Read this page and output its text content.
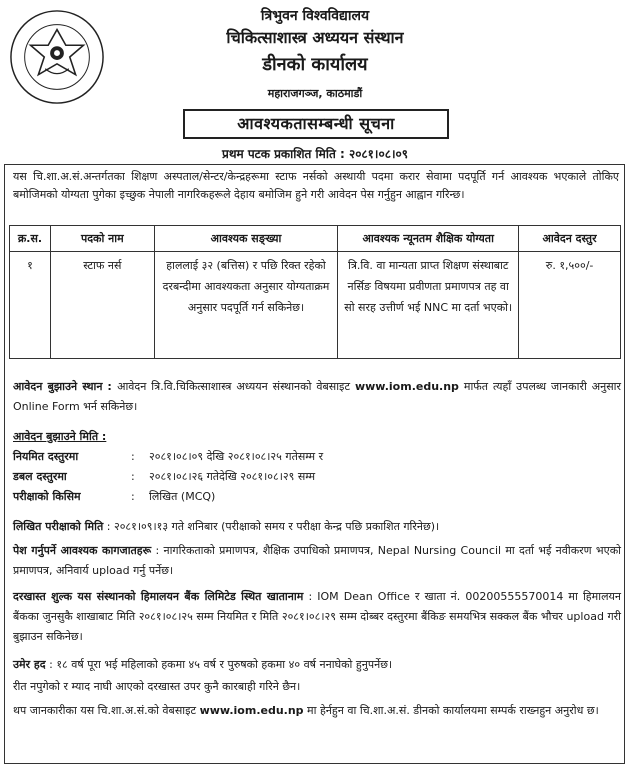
त्रिभुवन विश्वविद्यालय
चिकित्साशास्त्र अध्ययन संस्थान
डीनको कार्यालय
महाराजगञ्ज, काठमाडौं
आवश्यकतासम्बन्धी सूचना
प्रथम पटक प्रकाशित मिति : २०८१।०८।०९
यस चि.शा.अ.सं.अन्तर्गतका शिक्षण अस्पताल/सेन्टर/केन्द्रहरूमा स्टाफ नर्सको अस्थायी पदमा करार सेवामा पदपूर्ति गर्न आवश्यक भएकाले तोकिए बमोजिमको योग्यता पुगेका इच्छुक नेपाली नागरिकहरूले देहाय बमोजिम हुने गरी आवेदन पेस गर्नुहुन आह्वान गरिन्छ।
क्र.स.	पदको नाम	आवश्यक सङ्ख्या	आवश्यक न्यूनतम शैक्षिक योग्यता	आवेदन दस्तुर
१	स्टाफ नर्स	हाललाई ३२ (बत्तिस) र पछि रिक्त रहेको दरबन्दीमा आवश्यकता अनुसार योग्यताक्रम अनुसार पदपूर्ति गर्न सकिनेछ।	त्रि.वि. वा मान्यता प्राप्त शिक्षण संस्थाबाट नर्सिङ विषयमा प्रवीणता प्रमाणपत्र तह वा सो सरह उत्तीर्ण भई NNC मा दर्ता भएको।	रु. १,५००/-
आवेदन बुझाउने स्थान : आवेदन त्रि.वि.चिकित्साशास्त्र अध्ययन संस्थानको वेबसाइट www.iom.edu.np मार्फत त्यहाँ उपलब्ध जानकारी अनुसार Online Form भर्न सकिनेछ।
आवेदन बुझाउने मिति :
नियमित दस्तुरमा	: २०८१।०८।०९ देखि २०८१।०८।२५ गतेसम्म र
डबल दस्तुरमा	: २०८१।०८।२६ गतेदेखि २०८१।०८।२९ सम्म
परीक्षाको किसिम	: लिखित (MCQ)
लिखित परीक्षाको मिति : २०८१।०९।१३ गते शनिबार (परीक्षाको समय र परीक्षा केन्द्र पछि प्रकाशित गरिनेछ)।
पेश गर्नुपर्ने आवश्यक कागजातहरू : नागरिकताको प्रमाणपत्र, शैक्षिक उपाधिको प्रमाणपत्र, Nepal Nursing Council मा दर्ता भई नवीकरण भएको प्रमाणपत्र, अनिवार्य upload गर्नु पर्नेछ।
दरखास्त शुल्क यस संस्थानको हिमालयन बैंक लिमिटेड स्थित खातानाम : IOM Dean Office र खाता नं. 00200555570014 मा हिमालयन बैंकका जुनसुकै शाखाबाट मिति २०८१।०८।२५ सम्म नियमित र मिति २०८१।०८।२९ सम्म दोब्बर दस्तुरमा बैंकिङ समयभित्र सक्कल बैंक भौचर upload गरी बुझाउन सकिनेछ।
उमेर हद : १८ वर्ष पूरा भई महिलाको हकमा ४५ वर्ष र पुरुषको हकमा ४० वर्ष ननाघेको हुनुपर्नेछ।
रीत नपुगेको र म्याद नाघी आएको दरखास्त उपर कुनै कारबाही गरिने छैन।
थप जानकारीका यस चि.शा.अ.सं.को वेबसाइट www.iom.edu.np मा हेर्नहुन वा चि.शा.अ.सं. डीनको कार्यालयमा सम्पर्क राख्नहुन अनुरोध छ।
